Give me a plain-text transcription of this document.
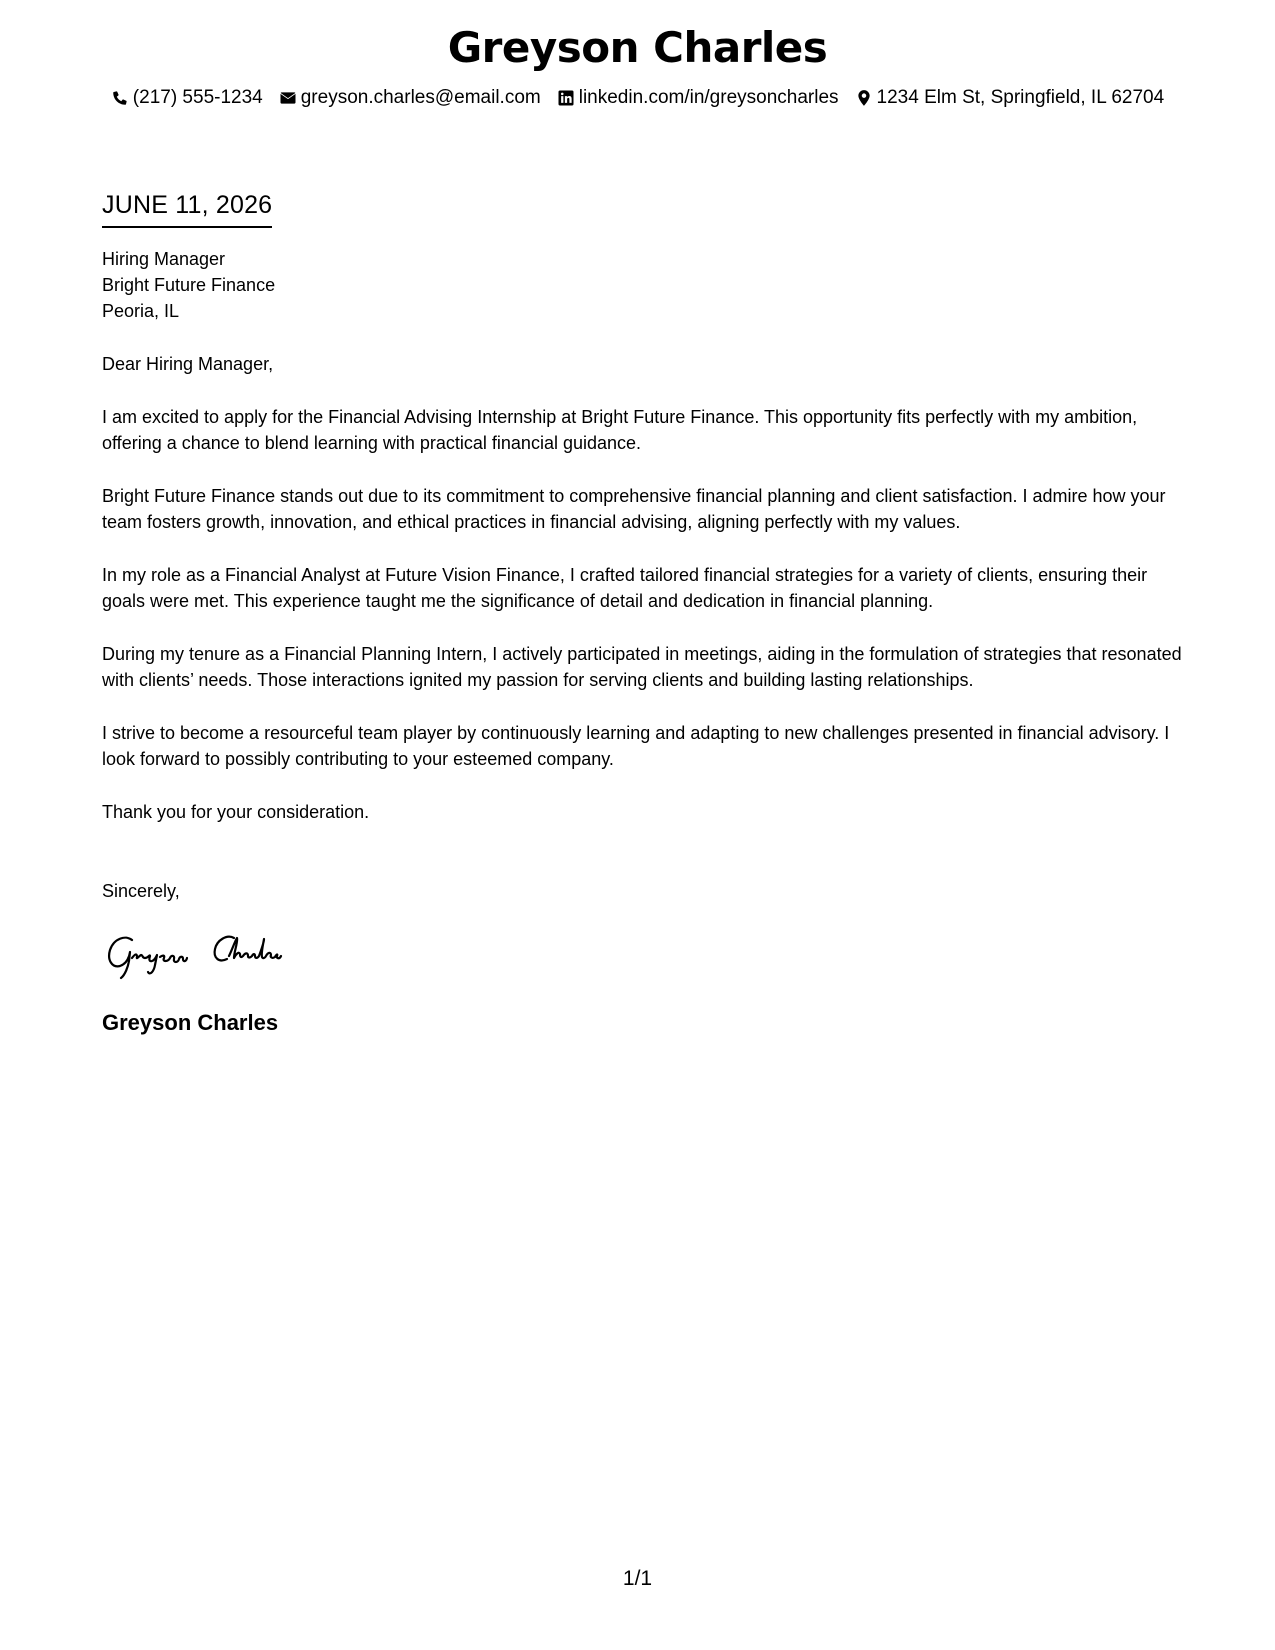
Greyson Charles
(217) 555-1234 greyson.charles@email.com linkedin.com/in/greysoncharles 1234 Elm St, Springfield, IL 62704
JUNE 11, 2026
Hiring Manager
Bright Future Finance
Peoria, IL
Dear Hiring Manager,

I am excited to apply for the Financial Advising Internship at Bright Future Finance. This opportunity fits perfectly with my ambition, offering a chance to blend learning with practical financial guidance.

Bright Future Finance stands out due to its commitment to comprehensive financial planning and client satisfaction. I admire how your team fosters growth, innovation, and ethical practices in financial advising, aligning perfectly with my values.

In my role as a Financial Analyst at Future Vision Finance, I crafted tailored financial strategies for a variety of clients, ensuring their goals were met. This experience taught me the significance of detail and dedication in financial planning.

During my tenure as a Financial Planning Intern, I actively participated in meetings, aiding in the formulation of strategies that resonated with clients’ needs. Those interactions ignited my passion for serving clients and building lasting relationships.

I strive to become a resourceful team player by continuously learning and adapting to new challenges presented in financial advisory. I look forward to possibly contributing to your esteemed company.

Thank you for your consideration.
Sincerely,
Greyson Charles
1/1
